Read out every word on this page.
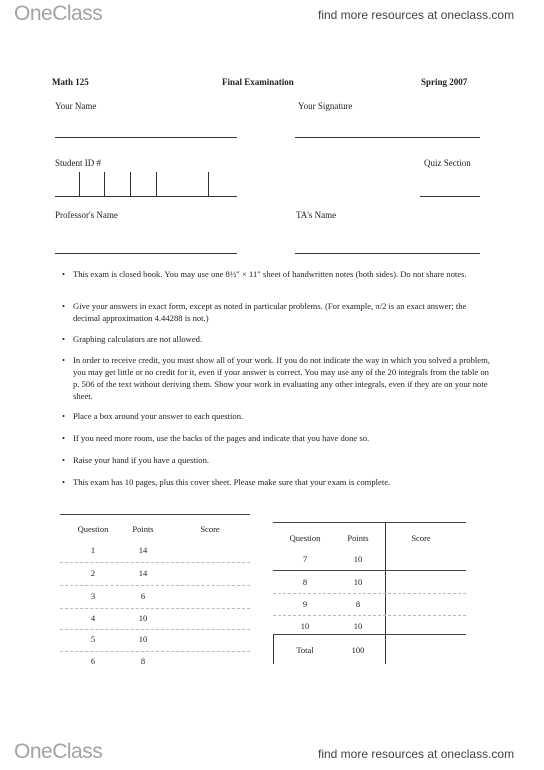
OneClass	find more resources at oneclass.com
Math 125	Final Examination	Spring 2007
Your Name	Your Signature
Student ID #	Quiz Section
Professor's Name	TA's Name
• This exam is closed book. You may use one 8½″ × 11″ sheet of handwritten notes (both sides). Do not share notes.
• Give your answers in exact form, except as noted in particular problems. (For example, π/2 is an exact answer; the decimal approximation 4.44288 is not.)
• Graphing calculators are not allowed.
• In order to receive credit, you must show all of your work. If you do not indicate the way in which you solved a problem, you may get little or no credit for it, even if your answer is correct. You may use any of the 20 integrals from the table on p. 506 of the text without deriving them. Show your work in evaluating any other integrals, even if they are on your note sheet.
• Place a box around your answer to each question.
• If you need more room, use the backs of the pages and indicate that you have done so.
• Raise your hand if you have a question.
• This exam has 10 pages, plus this cover sheet. Please make sure that your exam is complete.
Question	Points	Score
1	14
2	14
3	6
4	10
5	10
6	8
Question	Points	Score
7	10
8	10
9	8
10	10
Total	100
OneClass	find more resources at oneclass.com
